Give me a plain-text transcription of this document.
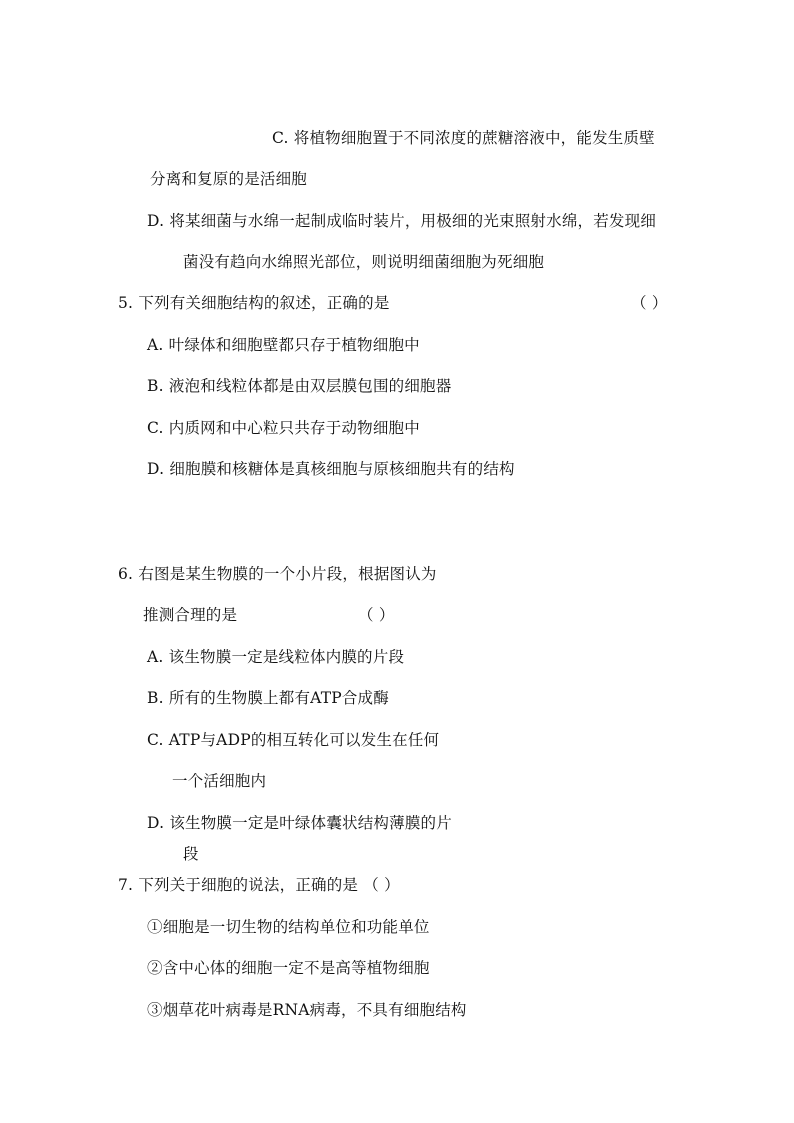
C. 将植物细胞置于不同浓度的蔗糖溶液中，能发生质壁
分离和复原的是活细胞
D. 将某细菌与水绵一起制成临时装片，用极细的光束照射水绵，若发现细
菌没有趋向水绵照光部位，则说明细菌细胞为死细胞
5. 下列有关细胞结构的叙述，正确的是	（ ）
A. 叶绿体和细胞壁都只存于植物细胞中
B. 液泡和线粒体都是由双层膜包围的细胞器
C. 内质网和中心粒只共存于动物细胞中
D. 细胞膜和核糖体是真核细胞与原核细胞共有的结构
6. 右图是某生物膜的一个小片段，根据图认为
推测合理的是	（ ）
A. 该生物膜一定是线粒体内膜的片段
B. 所有的生物膜上都有ATP合成酶
C. ATP与ADP的相互转化可以发生在任何
一个活细胞内
D. 该生物膜一定是叶绿体囊状结构薄膜的片
段
7. 下列关于细胞的说法，正确的是 （ ）
①细胞是一切生物的结构单位和功能单位
②含中心体的细胞一定不是高等植物细胞
③烟草花叶病毒是RNA病毒，不具有细胞结构
